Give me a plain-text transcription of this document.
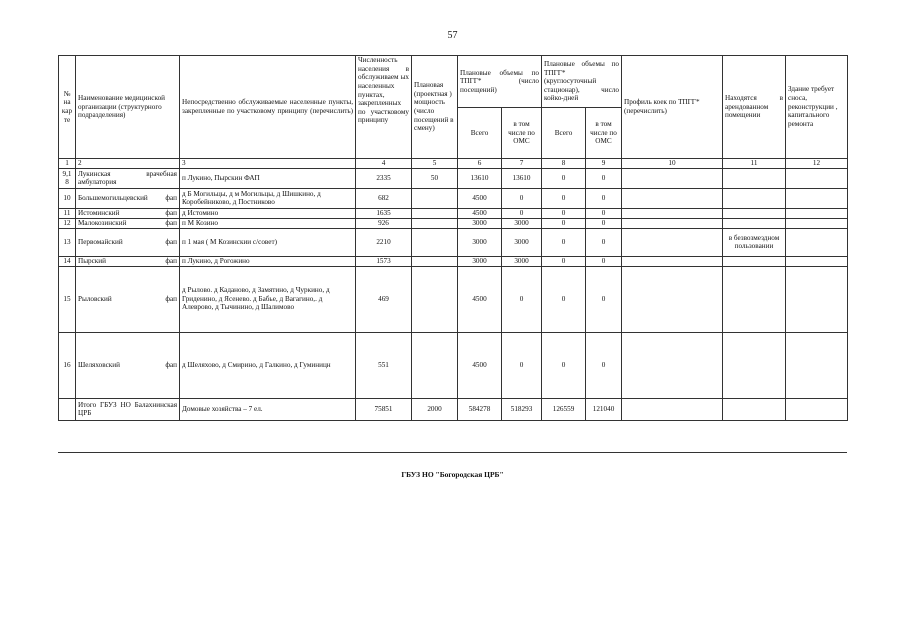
57
№ на кар те	Наименование медицинской организации (структурного подразделения)	Непосредственно обслуживаемые населенные пункты, закрепленные по участковому принципу (перечислить)	Численность населения в обслуживаем ых населенных пунктах, закрепленных по участковому принципу	Плановая (проектная ) мощность (число посещений в смену)	Плановые объемы по ТПГГ* (число посещений)		Плановые объемы по ТПГГ* (круглосуточный стационар), число койко-дней		Профиль коек по ТПГГ* (перечислить)	Находятся в арендованном помещении	Здание требует сноса, реконструкции , капитального ремонта
					Всего	в том числе по ОМС	Всего	в том числе по ОМС			
1	2	3	4	5	6	7	8	9	10	11	12
9,18	Лукинская врачебная амбулатория	п Лукино, Пырскин ФАП	2335	50	13610	13610	0	0			
10	Большемогильцевский фап	д Б Могильцы, д м Могильцы, д Шишкино, д Коробейниково, д Постниково	682		4500	0	0	0			
11	Истоминский фап	д Истомино	1635		4500	0	0	0			
12	Малокозинский фап	п М Козино	926		3000	3000	0	0			
13	Первомайский фап	п 1 мая ( М Козинскии с/совет)	2210		3000	3000	0	0		в безвозмездном пользовании	
14	Пырский фап	п Лукино, д Рогожино	1573		3000	3000	0	0			
15	Рыловский фап	д Рылово. д Каданово, д Замятино, д Чуркино, д Гриденино, д Ясенево. д Бабье, д Вагагино,. д Алеврово, д Тычинино, д Шалимово	469		4500	0	0	0			
16	Шеляховский фап	д Шеляховo, д Смирино, д Галкино, д Гуминицн	551		4500	0	0	0			
	Итого ГБУЗ НО Балахнинская ЦРБ	Домовые хозяйства – 7 ел.	75851	2000	584278	518293	126559	121040			
ГБУЗ НО "Богородская ЦРБ"
